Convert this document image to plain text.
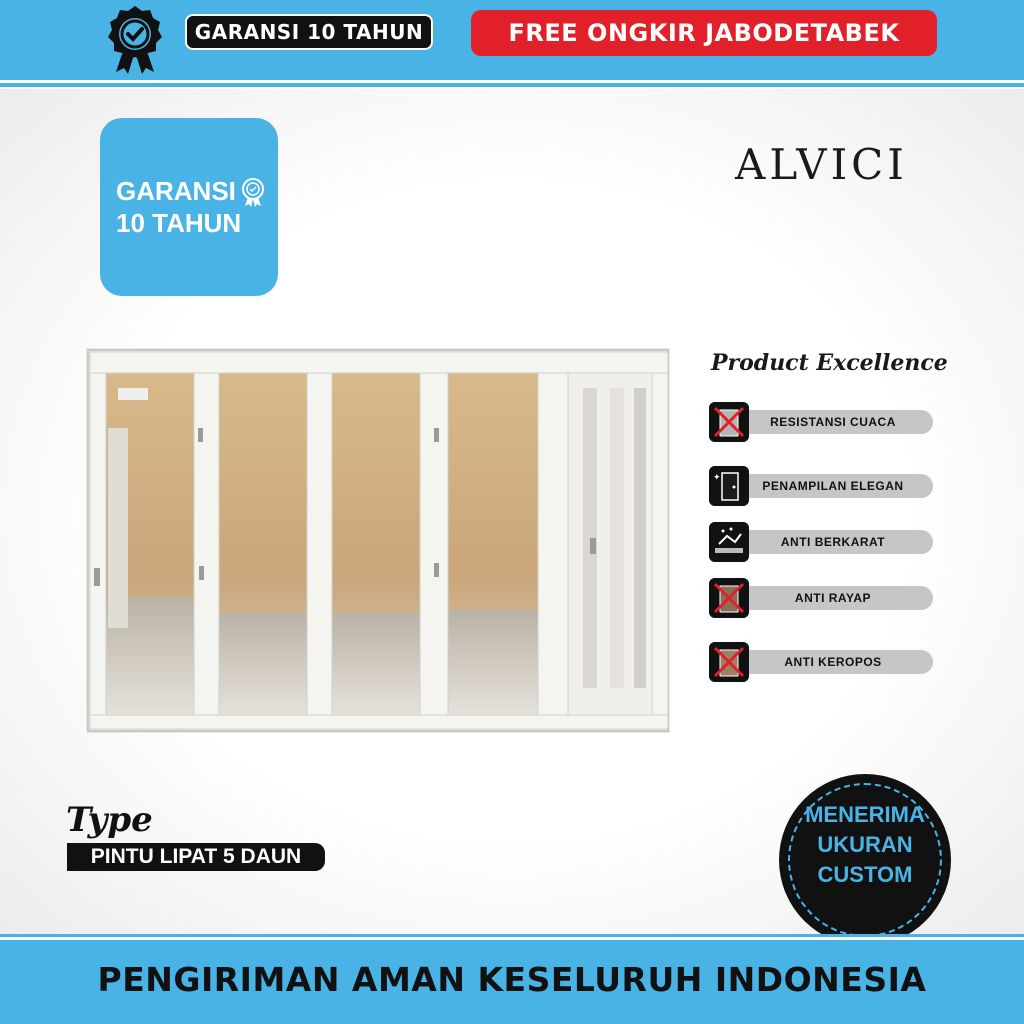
GARANSI 10 TAHUN	FREE ONGKIR JABODETABEK
GARANSI
10 TAHUN
ALVICI
Product Excellence
RESISTANSI CUACA
PENAMPILAN ELEGAN
✦
ANTI BERKARAT
ANTI RAYAP
ANTI KEROPOS
Type
PINTU LIPAT 5 DAUN
MENERIMA
UKURAN
CUSTOM
PENGIRIMAN AMAN KESELURUH INDONESIA
